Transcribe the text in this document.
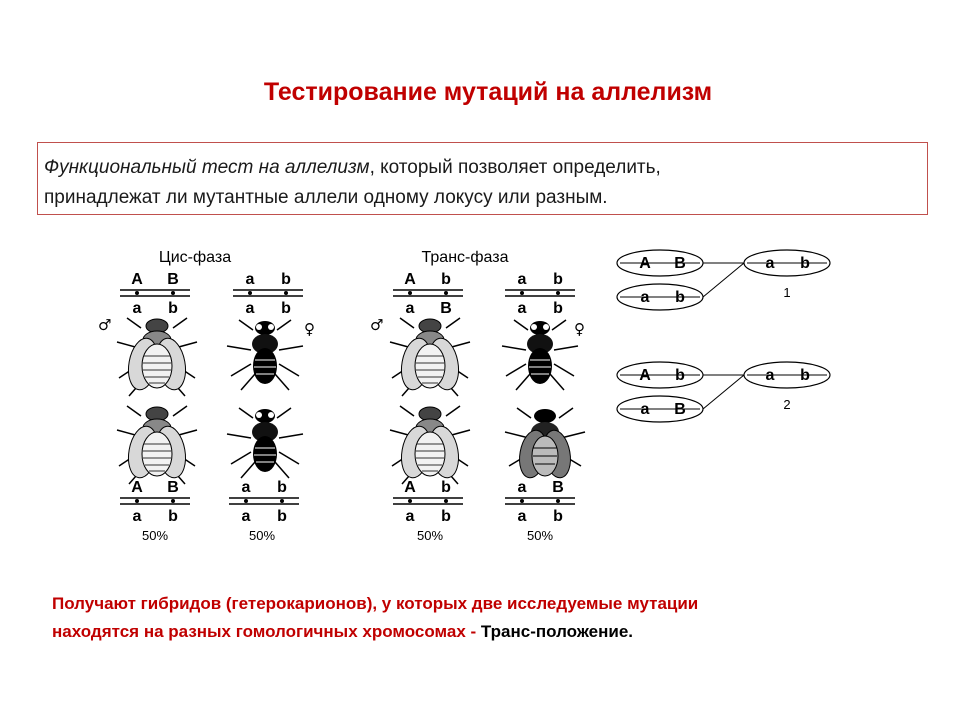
Тестирование мутаций на аллелизм
Функциональный тест на аллелизм, который позволяет определить,
принадлежат ли мутантные аллели одному локусу или разным.
Цис-фаза	Транс-фаза
A B
a b
a b
a b
A b
a B
a b
a b
♂	♀	♂	♀
A B
a b
50%
a b
a b
50%
A b
a b
50%
a B
a b
50%
A B
a b
a b
1
A b
a B
a b
2
Получают гибридов (гетерокарионов), у которых две исследуемые мутации
находятся на разных гомологичных хромосомах - Транс-положение.
